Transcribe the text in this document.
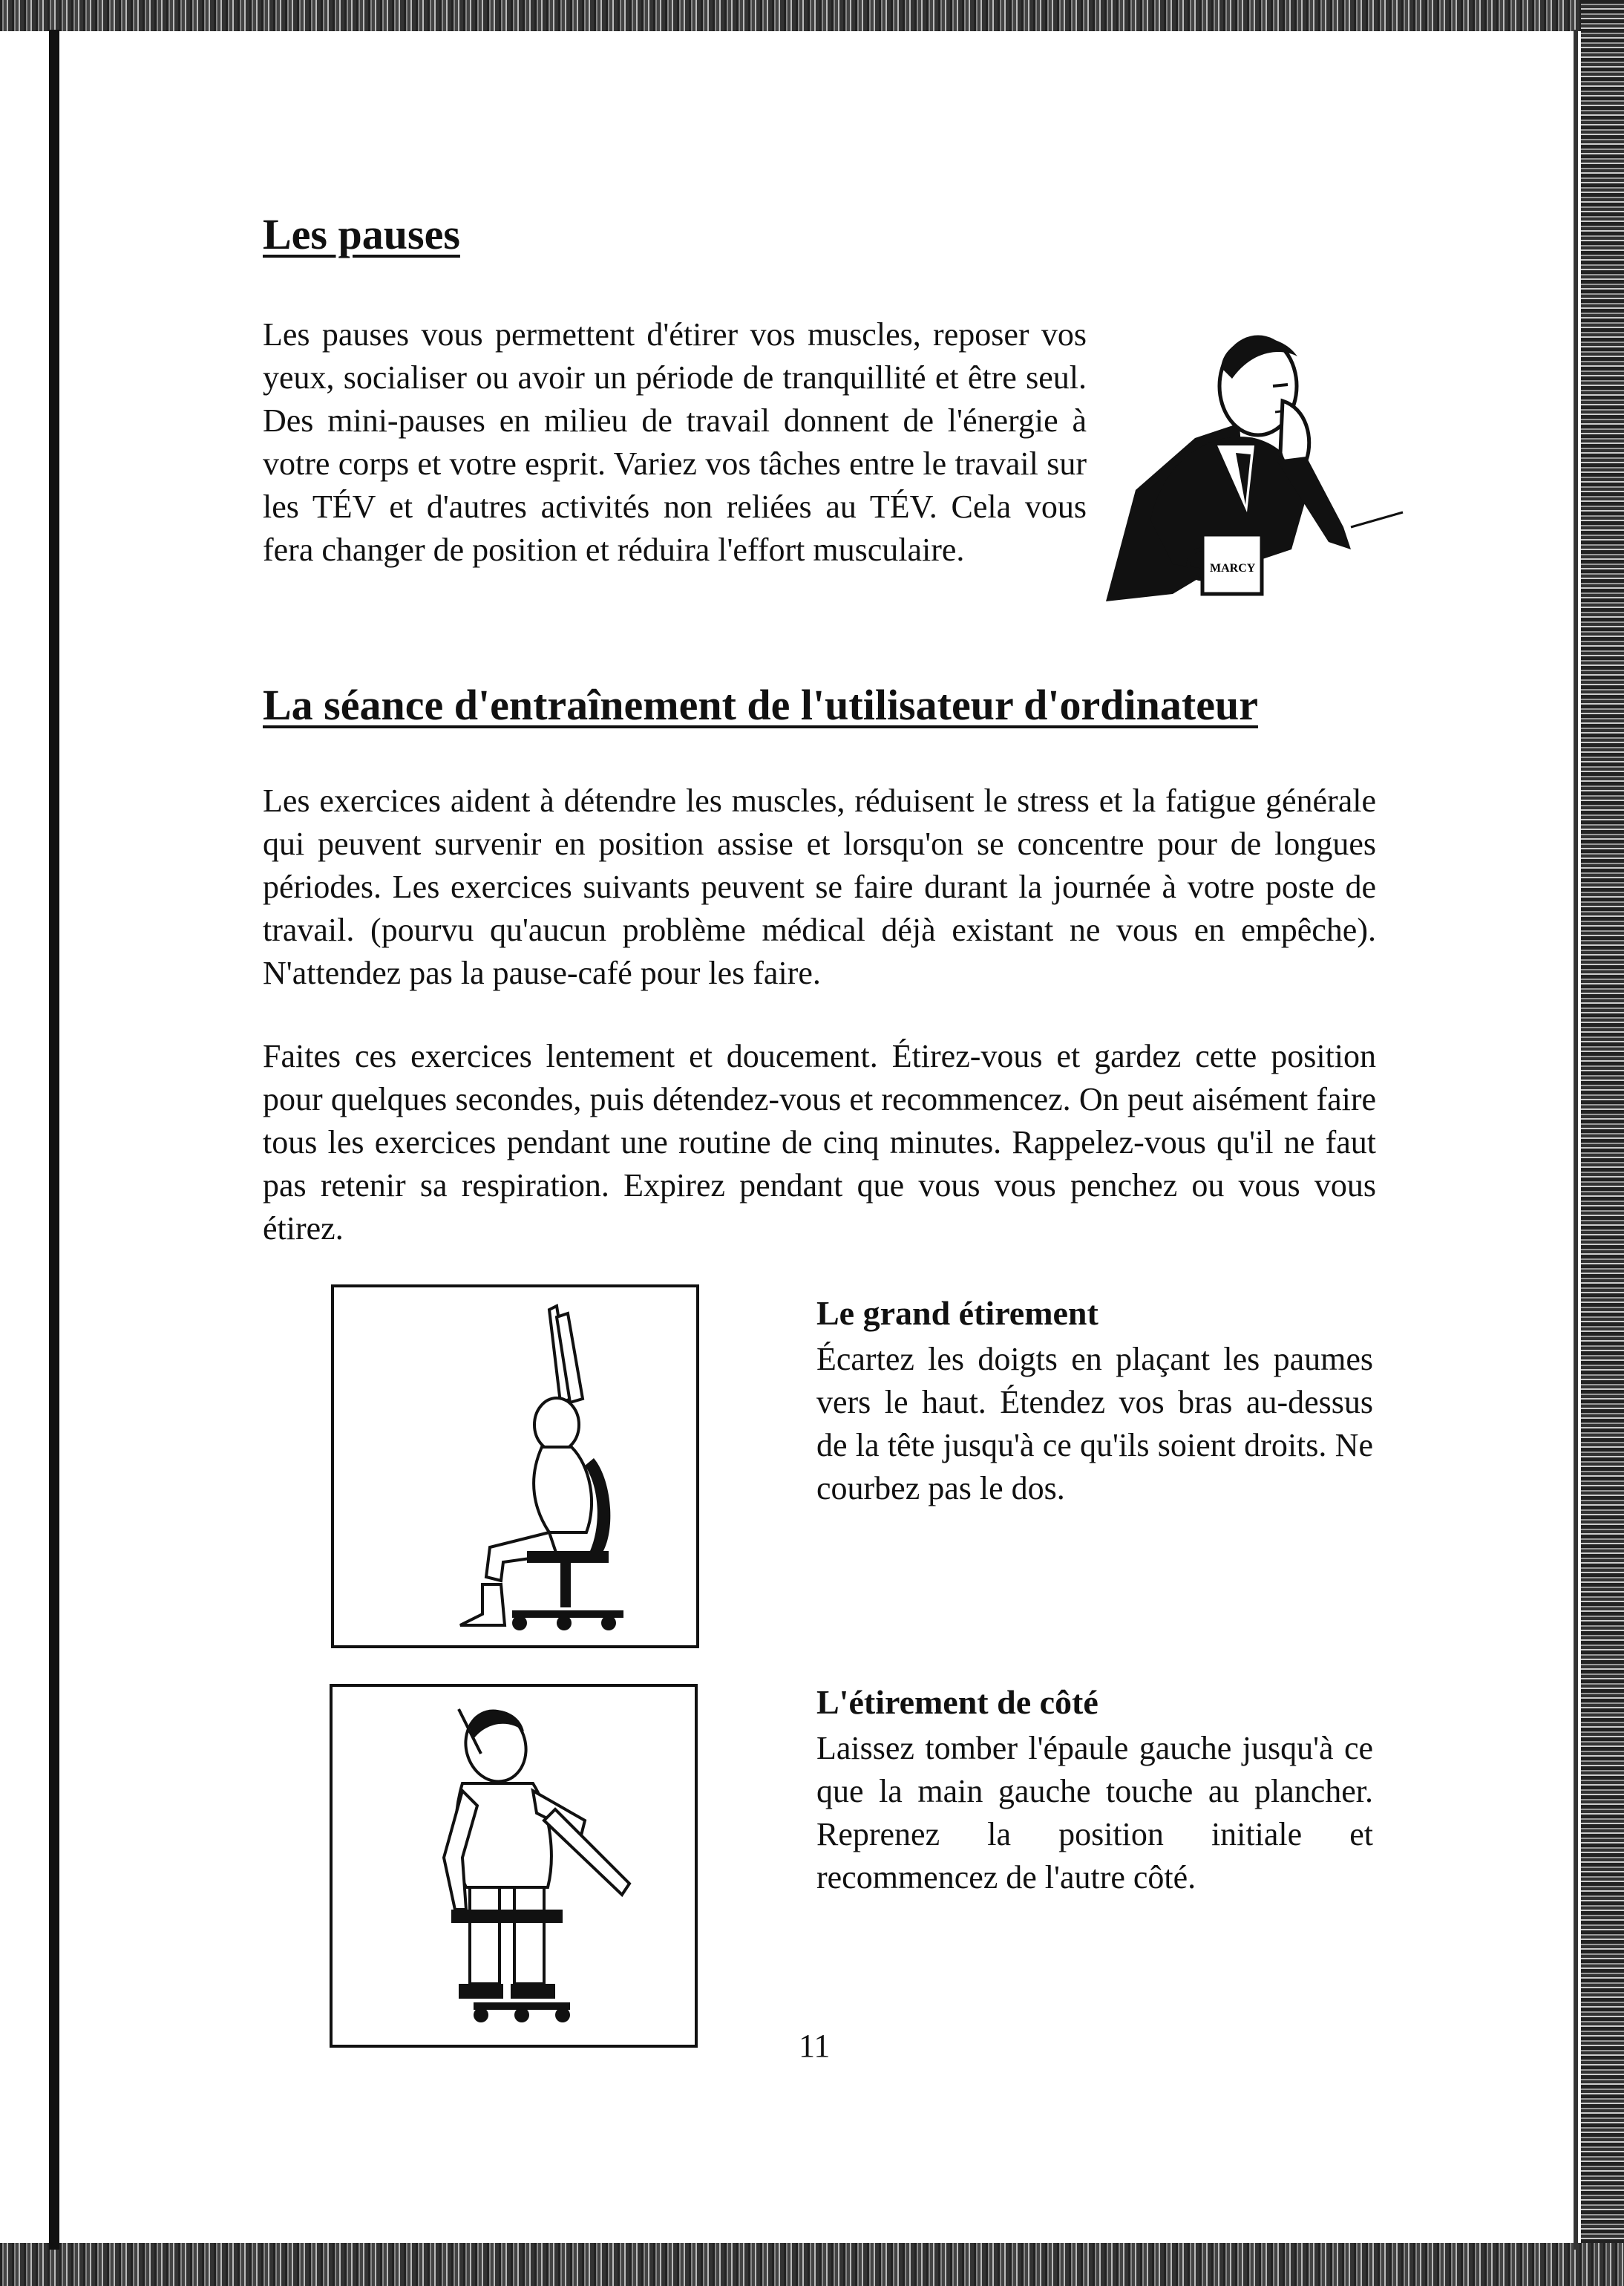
Les pauses

Les pauses vous permettent d'étirer vos muscles, reposer vos yeux, socialiser ou avoir un période de tranquillité et être seul. Des mini-pauses en milieu de travail donnent de l'énergie à votre corps et votre esprit. Variez vos tâches entre le travail sur les TÉV et d'autres activités non reliées au TÉV. Cela vous fera changer de position et réduira l'effort musculaire.

MARCY
La séance d'entraînement de l'utilisateur d'ordinateur

Les exercices aident à détendre les muscles, réduisent le stress et la fatigue générale qui peuvent survenir en position assise et lorsqu'on se concentre pour de longues périodes. Les exercices suivants peuvent se faire durant la journée à votre poste de travail. (pourvu qu'aucun problème médical déjà existant ne vous en empêche). N'attendez pas la pause-café pour les faire.

Faites ces exercices lentement et doucement. Étirez-vous et gardez cette position pour quelques secondes, puis détendez-vous et recommencez. On peut aisément faire tous les exercices pendant une routine de cinq minutes. Rappelez-vous qu'il ne faut pas retenir sa respiration. Expirez pendant que vous vous penchez ou vous vous étirez.

Le grand étirement

Écartez les doigts en plaçant les paumes vers le haut. Étendez vos bras au-dessus de la tête jusqu'à ce qu'ils soient droits. Ne courbez pas le dos.

L'étirement de côté

Laissez tomber l'épaule gauche jusqu'à ce que la main gauche touche au plancher. Reprenez la position initiale et recommencez de l'autre côté.

11
